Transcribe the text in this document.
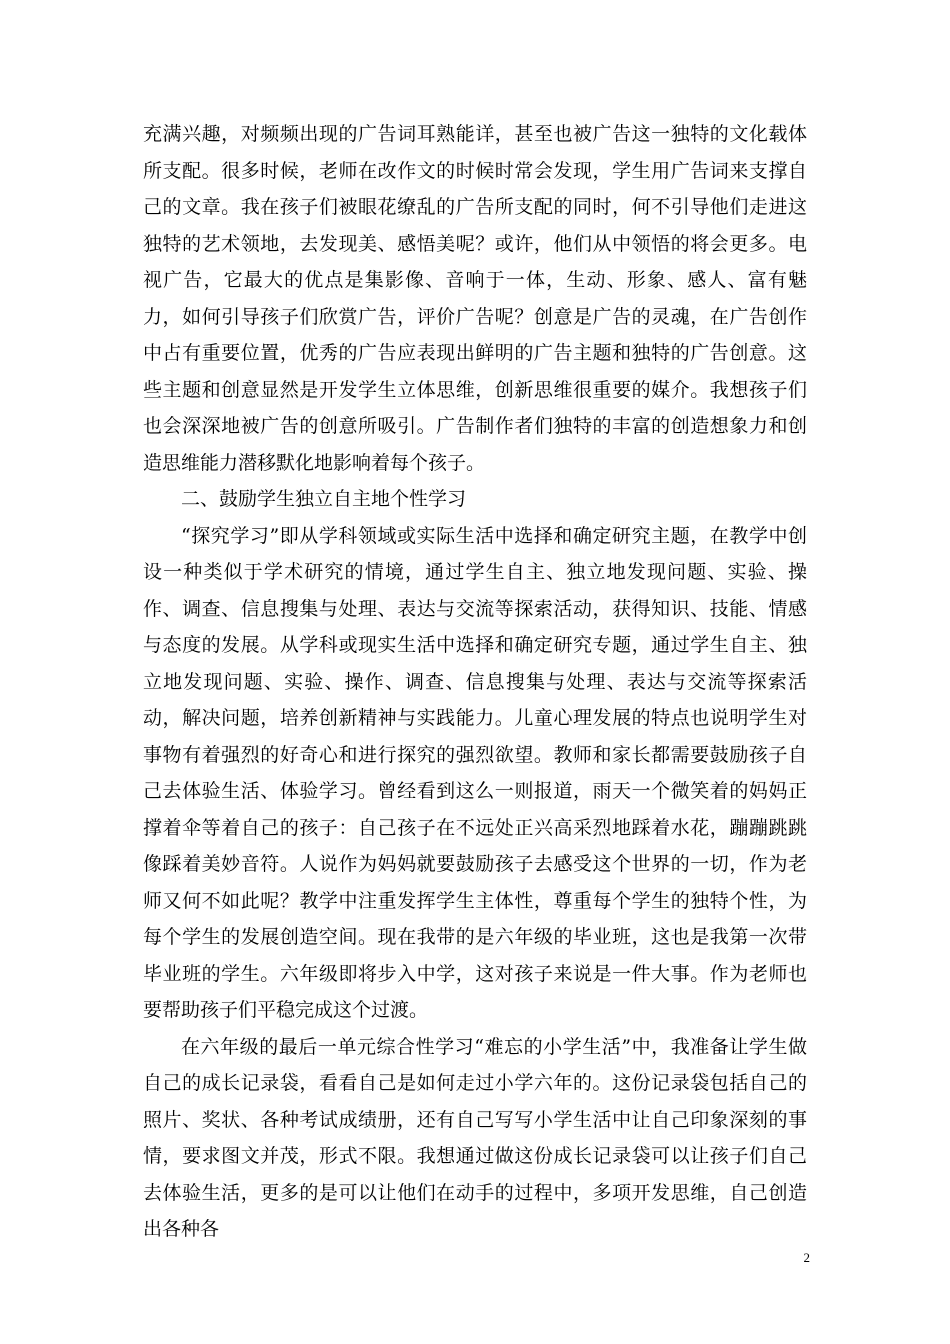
充满兴趣，对频频出现的广告词耳熟能详，甚至也被广告这一独特的文化载体所支配。很多时候，老师在改作文的时候时常会发现，学生用广告词来支撑自己的文章。我在孩子们被眼花缭乱的广告所支配的同时，何不引导他们走进这独特的艺术领地，去发现美、感悟美呢？或许，他们从中领悟的将会更多。电视广告，它最大的优点是集影像、音响于一体，生动、形象、感人、富有魅力，如何引导孩子们欣赏广告，评价广告呢？创意是广告的灵魂，在广告创作中占有重要位置，优秀的广告应表现出鲜明的广告主题和独特的广告创意。这些主题和创意显然是开发学生立体思维，创新思维很重要的媒介。我想孩子们也会深深地被广告的创意所吸引。广告制作者们独特的丰富的创造想象力和创造思维能力潜移默化地影响着每个孩子。

二、鼓励学生独立自主地个性学习

“探究学习”即从学科领域或实际生活中选择和确定研究主题，在教学中创设一种类似于学术研究的情境，通过学生自主、独立地发现问题、实验、操作、调查、信息搜集与处理、表达与交流等探索活动，获得知识、技能、情感与态度的发展。从学科或现实生活中选择和确定研究专题，通过学生自主、独立地发现问题、实验、操作、调查、信息搜集与处理、表达与交流等探索活动，解决问题，培养创新精神与实践能力。儿童心理发展的特点也说明学生对事物有着强烈的好奇心和进行探究的强烈欲望。教师和家长都需要鼓励孩子自己去体验生活、体验学习。曾经看到这么一则报道，雨天一个微笑着的妈妈正撑着伞等着自己的孩子：自己孩子在不远处正兴高采烈地踩着水花，蹦蹦跳跳像踩着美妙音符。人说作为妈妈就要鼓励孩子去感受这个世界的一切，作为老师又何不如此呢？教学中注重发挥学生主体性，尊重每个学生的独特个性，为每个学生的发展创造空间。现在我带的是六年级的毕业班，这也是我第一次带毕业班的学生。六年级即将步入中学，这对孩子来说是一件大事。作为老师也要帮助孩子们平稳完成这个过渡。

在六年级的最后一单元综合性学习“难忘的小学生活”中，我准备让学生做自己的成长记录袋，看看自己是如何走过小学六年的。这份记录袋包括自己的照片、奖状、各种考试成绩册，还有自己写写小学生活中让自己印象深刻的事情，要求图文并茂，形式不限。我想通过做这份成长记录袋可以让孩子们自己去体验生活，更多的是可以让他们在动手的过程中，多项开发思维，自己创造出各种各

2
